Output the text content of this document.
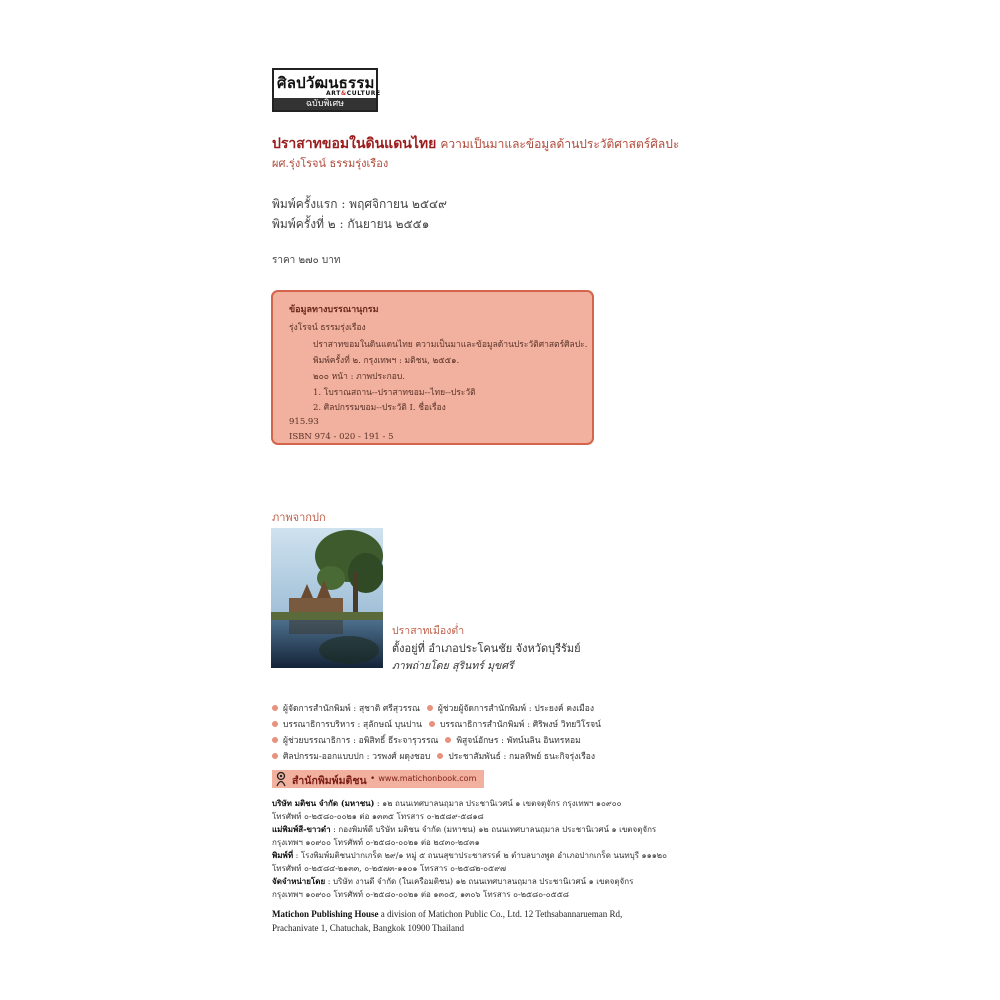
ศิลปวัฒนธรรม
ART&CULTURE
ฉบับพิเศษ
ปราสาทขอมในดินแดนไทย ความเป็นมาและข้อมูลด้านประวัติศาสตร์ศิลปะ
ผศ.รุ่งโรจน์ ธรรมรุ่งเรือง
พิมพ์ครั้งแรก : พฤศจิกายน ๒๕๔๙
พิมพ์ครั้งที่ ๒ : กันยายน ๒๕๕๑
ราคา ๒๗๐ บาท
ข้อมูลทางบรรณานุกรม
รุ่งโรจน์ ธรรมรุ่งเรือง
ปราสาทขอมในดินแดนไทย ความเป็นมาและข้อมูลด้านประวัติศาสตร์ศิลปะ.
พิมพ์ครั้งที่ ๒. กรุงเทพฯ : มติชน, ๒๕๕๑.
๒๐๐ หน้า : ภาพประกอบ.
1. โบราณสถาน--ปราสาทขอม--ไทย--ประวัติ
2. ศิลปกรรมขอม--ประวัติ I. ชื่อเรื่อง
915.93
ISBN 974 - 020 - 191 - 5
ภาพจากปก
ปราสาทเมืองต่ำ
ตั้งอยู่ที่ อำเภอประโคนชัย จังหวัดบุรีรัมย์
ภาพถ่ายโดย สุรินทร์ มุขศรี
ผู้จัดการสำนักพิมพ์ : สุชาติ ศรีสุวรรณ ผู้ช่วยผู้จัดการสำนักพิมพ์ : ประยงค์ คงเมือง
บรรณาธิการบริหาร : สุลักษณ์ บุนปาน บรรณาธิการสำนักพิมพ์ : ศิริพงษ์ วิทยวิโรจน์
ผู้ช่วยบรรณาธิการ : อพิสิทธิ์ ธีระจารุวรรณ พิสูจน์อักษร : พัทน์นลิน อินทรหอม
ศิลปกรรม-ออกแบบปก : วรพงศ์ ผดุงชอบ ประชาสัมพันธ์ : กมลทิพย์ ธนะกิจรุ่งเรือง
สำนักพิมพ์มติชน • www.matichonbook.com
บริษัท มติชน จำกัด (มหาชน) : ๑๒ ถนนเทศบาลนฤมาล ประชานิเวศน์ ๑ เขตจตุจักร กรุงเทพฯ ๑๐๙๐๐
โทรศัพท์ ๐-๒๕๘๐-๐๐๒๑ ต่อ ๑๓๓๕ โทรสาร ๐-๒๕๘๙-๕๘๑๘
แม่พิมพ์สี-ขาวดำ : กองพิมพ์ดี บริษัท มติชน จำกัด (มหาชน) ๑๒ ถนนเทศบาลนฤมาล ประชานิเวศน์ ๑ เขตจตุจักร
กรุงเทพฯ ๑๐๙๐๐ โทรศัพท์ ๐-๒๕๘๐-๐๐๒๑ ต่อ ๒๔๓๐-๒๔๓๑
พิมพ์ที่ : โรงพิมพ์มติชนปากเกร็ด ๒๙/๑ หมู่ ๕ ถนนสุขาประชาสรรค์ ๒ ตำบลบางพูด อำเภอปากเกร็ด นนทบุรี ๑๑๑๒๐
โทรศัพท์ ๐-๒๕๘๔-๒๑๓๓, ๐-๒๕๗๓-๑๑๐๑ โทรสาร ๐-๒๕๘๒-๐๕๙๗
จัดจำหน่ายโดย : บริษัท งานดี จำกัด (ในเครือมติชน) ๑๒ ถนนเทศบาลนฤมาล ประชานิเวศน์ ๑ เขตจตุจักร
กรุงเทพฯ ๑๐๙๐๐ โทรศัพท์ ๐-๒๕๘๐-๐๐๒๑ ต่อ ๑๓๐๕, ๑๓๐๖ โทรสาร ๐-๒๕๘๐-๐๕๕๘
Matichon Publishing House a division of Matichon Public Co., Ltd. 12 Tethsabannarueman Rd,
Prachanivate 1, Chatuchak, Bangkok 10900 Thailand
